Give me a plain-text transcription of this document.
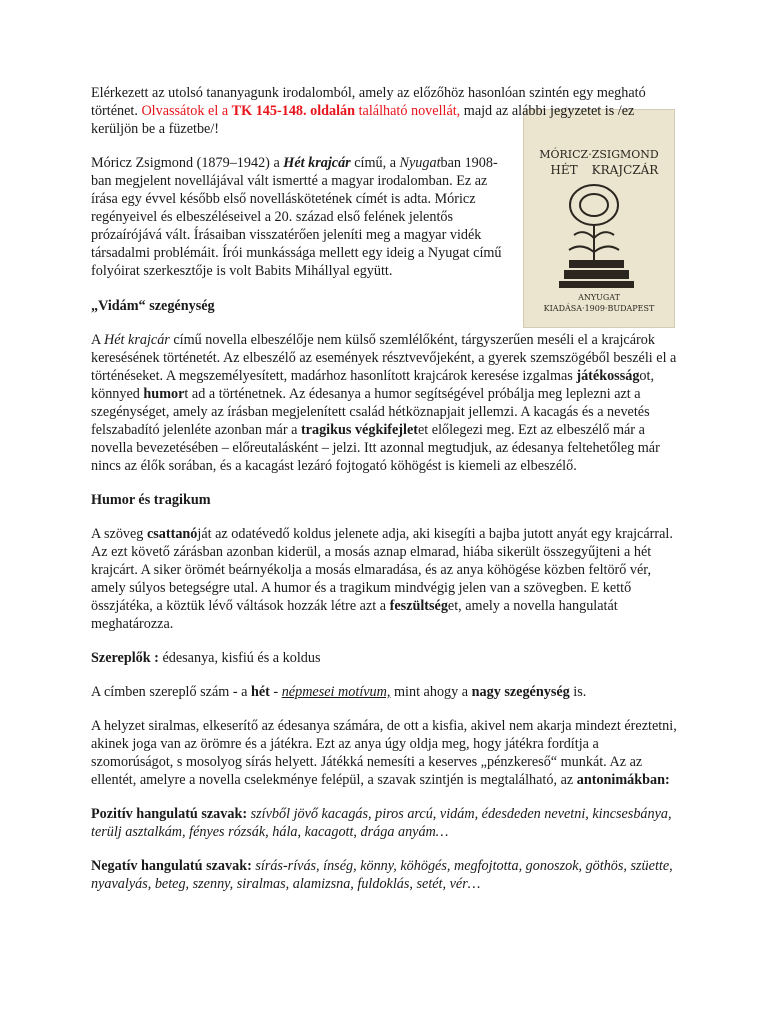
MÓRICZ·ZSIGMOND
HÉT KRAJCZÁR
ANYUGAT
KIADÁSA·1909·BUDAPEST

Elérkezett az utolsó tananyagunk irodalomból, amely az előzőhöz hasonlóan szintén egy megható történet. Olvassátok el a TK 145-148. oldalán található novellát, majd az alábbi jegyzetet is /ez kerüljön be a füzetbe/!

Móricz Zsigmond (1879–1942) a Hét krajcár című, a Nyugatban 1908-ban megjelent novellájával vált ismertté a magyar irodalomban. Ez az írása egy évvel később első novelláskötetének címét is adta. Móricz regényeivel és elbeszéléseivel a 20. század első felének jelentős prózaírójává vált. Írásaiban visszatérően jeleníti meg a magyar vidék társadalmi problémáit. Írói munkássága mellett egy ideig a Nyugat című folyóirat szerkesztője is volt Babits Mihállyal együtt.

„Vidám“ szegénység

A Hét krajcár című novella elbeszélője nem külső szemlélőként, tárgyszerűen meséli el a krajcárok keresésének történetét. Az elbeszélő az események résztvevőjeként, a gyerek szemszögéből beszéli el a történéseket. A megszemélyesített, madárhoz hasonlított krajcárok keresése izgalmas játékosságot, könnyed humort ad a történetnek. Az édesanya a humor segítségével próbálja meg leplezni azt a szegénységet, amely az írásban megjelenített család hétköznapjait jellemzi. A kacagás és a nevetés felszabadító jelenléte azonban már a tragikus végkifejletet előlegezi meg. Ezt az elbeszélő már a novella bevezetésében – előreutalásként – jelzi. Itt azonnal megtudjuk, az édesanya feltehetőleg már nincs az élők sorában, és a kacagást lezáró fojtogató köhögést is kiemeli az elbeszélő.

Humor és tragikum

A szöveg csattanóját az odatévedő koldus jelenete adja, aki kisegíti a bajba jutott anyát egy krajcárral. Az ezt követő zárásban azonban kiderül, a mosás aznap elmarad, hiába sikerült összegyűjteni a hét krajcárt. A siker örömét beárnyékolja a mosás elmaradása, és az anya köhögése közben feltörő vér, amely súlyos betegségre utal. A humor és a tragikum mindvégig jelen van a szövegben. E kettő összjátéka, a köztük lévő váltások hozzák létre azt a feszültséget, amely a novella hangulatát meghatározza.

Szereplők : édesanya, kisfiú és a koldus

A címben szereplő szám - a hét - népmesei motívum, mint ahogy a nagy szegénység is.

A helyzet siralmas, elkeserítő az édesanya számára, de ott a kisfia, akivel nem akarja mindezt éreztetni, akinek joga van az örömre és a játékra. Ezt az anya úgy oldja meg, hogy játékra fordítja a szomorúságot, s mosolyog sírás helyett. Játékká nemesíti a keserves „pénzkereső“ munkát. Az az ellentét, amelyre a novella cselekménye felépül, a szavak szintjén is megtalálható, az antonimákban:

Pozitív hangulatú szavak: szívből jövő kacagás, piros arcú, vidám, édesdeden nevetni, kincsesbánya, terülj asztalkám, fényes rózsák, hála, kacagott, drága anyám…

Negatív hangulatú szavak: sírás-rívás, ínség, könny, köhögés, megfojtotta, gonoszok, göthös, szüette, nyavalyás, beteg, szenny, siralmas, alamizsna, fuldoklás, setét, vér…
